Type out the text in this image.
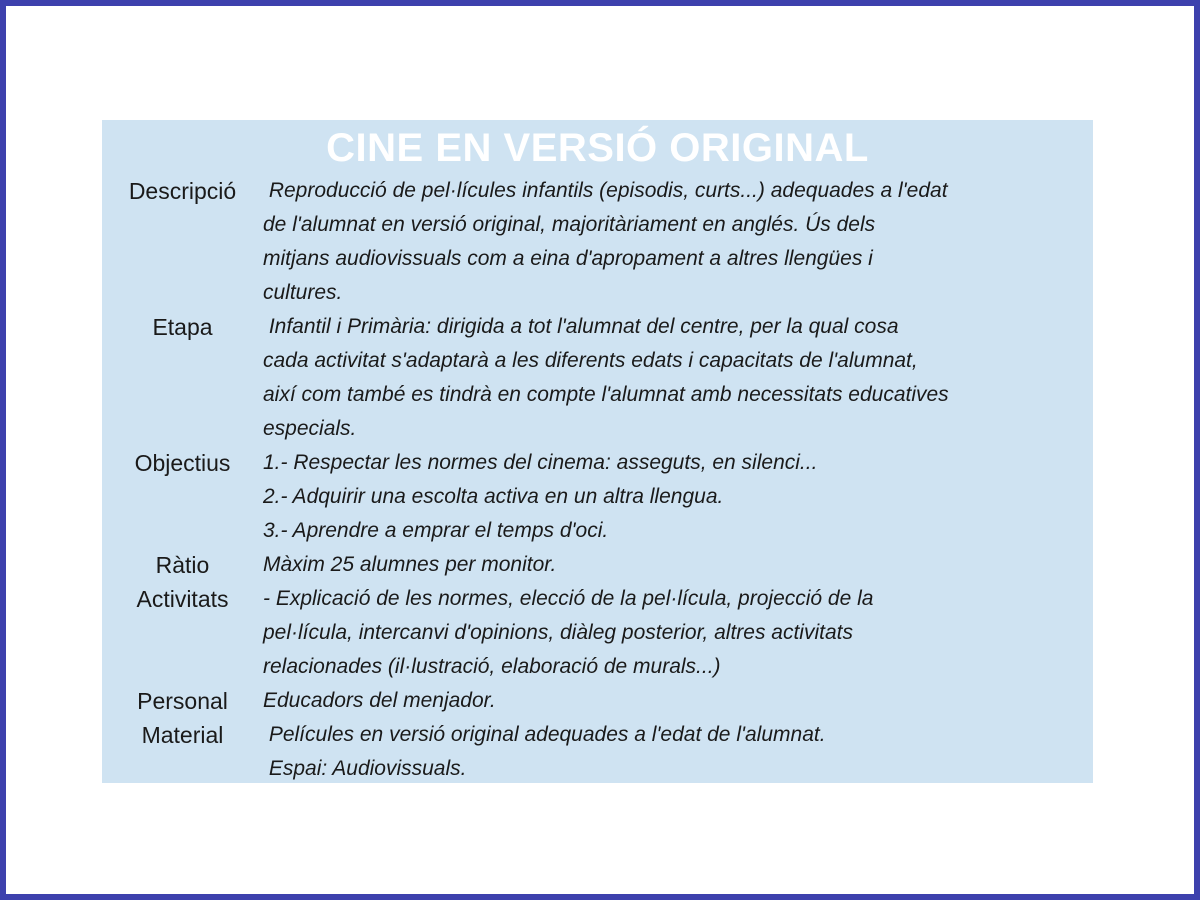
CINE EN VERSIÓ ORIGINAL
Descripció	Reproducció de pel·lícules infantils (episodis, curts...) adequades a l'edat
de l'alumnat en versió original, majoritàriament en anglés. Ús dels
mitjans audiovissuals com a eina d'apropament a altres llengües i
cultures.
Etapa	Infantil i Primària: dirigida a tot l'alumnat del centre, per la qual cosa
cada activitat s'adaptarà a les diferents edats i capacitats de l'alumnat,
així com també es tindrà en compte l'alumnat amb necessitats educatives
especials.
Objectius	1.- Respectar les normes del cinema: asseguts, en silenci...
2.- Adquirir una escolta activa en un altra llengua.
3.- Aprendre a emprar el temps d'oci.
Ràtio	Màxim 25 alumnes per monitor.
Activitats	- Explicació de les normes, elecció de la pel·lícula, projecció de la
pel·lícula, intercanvi d'opinions, diàleg posterior, altres activitats
relacionades (il·lustració, elaboració de murals...)
Personal	Educadors del menjador.
Material	Películes en versió original adequades a l'edat de l'alumnat.
Espai: Audiovissuals.
